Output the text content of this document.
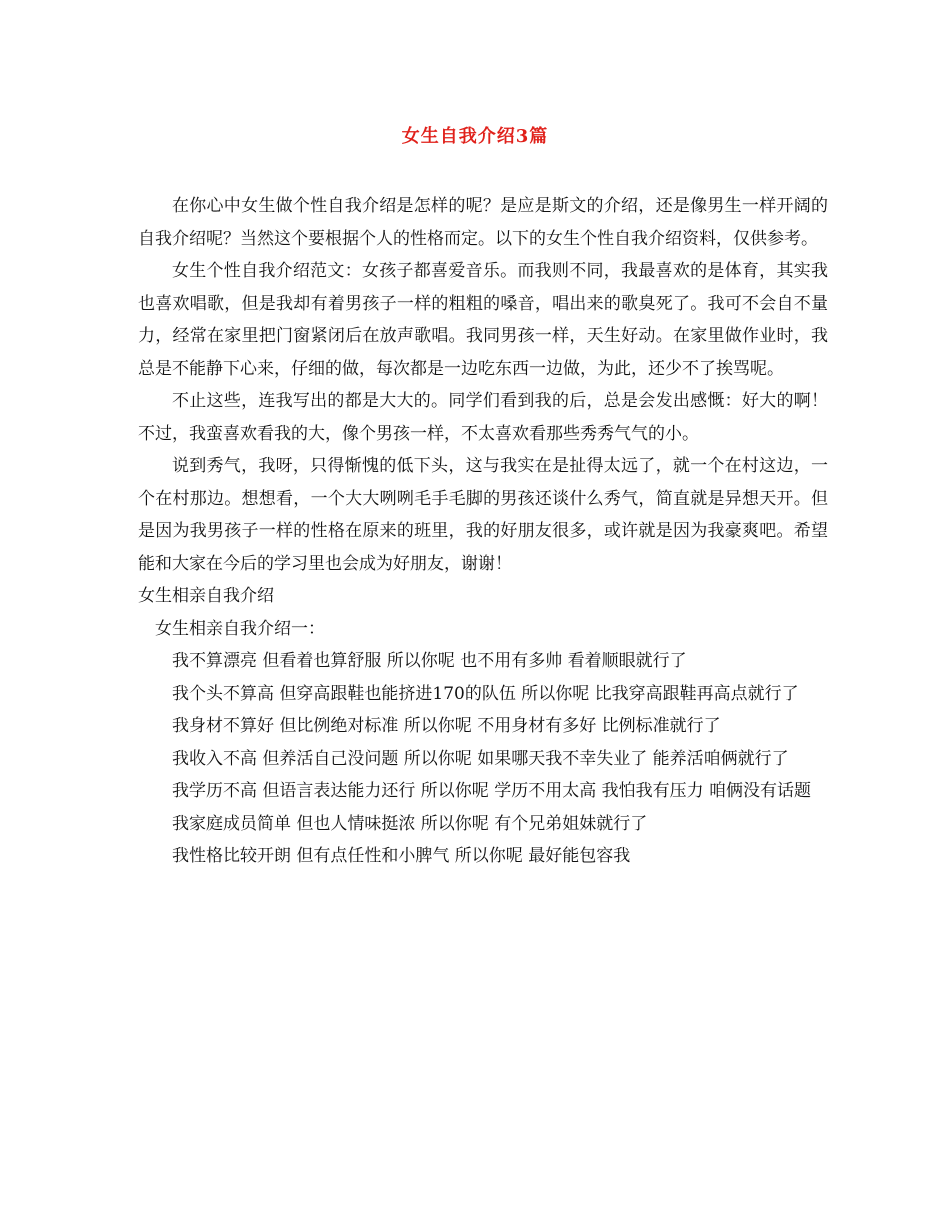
女生自我介绍3篇

在你心中女生做个性自我介绍是怎样的呢？是应是斯文的介绍，还是像男生一样开阔的自我介绍呢？当然这个要根据个人的性格而定。以下的女生个性自我介绍资料，仅供参考。

女生个性自我介绍范文：女孩子都喜爱音乐。而我则不同，我最喜欢的是体育，其实我也喜欢唱歌，但是我却有着男孩子一样的粗粗的嗓音，唱出来的歌臭死了。我可不会自不量力，经常在家里把门窗紧闭后在放声歌唱。我同男孩一样，天生好动。在家里做作业时，我总是不能静下心来，仔细的做，每次都是一边吃东西一边做，为此，还少不了挨骂呢。

不止这些，连我写出的都是大大的。同学们看到我的后，总是会发出感慨：好大的啊！不过，我蛮喜欢看我的大，像个男孩一样，不太喜欢看那些秀秀气气的小。

说到秀气，我呀，只得惭愧的低下头，这与我实在是扯得太远了，就一个在村这边，一个在村那边。想想看，一个大大咧咧毛手毛脚的男孩还谈什么秀气，简直就是异想天开。但是因为我男孩子一样的性格在原来的班里，我的好朋友很多，或许就是因为我豪爽吧。希望能和大家在今后的学习里也会成为好朋友，谢谢！

女生相亲自我介绍

女生相亲自我介绍一：

我不算漂亮 但看着也算舒服 所以你呢 也不用有多帅 看着顺眼就行了

我个头不算高 但穿高跟鞋也能挤进170的队伍 所以你呢 比我穿高跟鞋再高点就行了

我身材不算好 但比例绝对标准 所以你呢 不用身材有多好 比例标准就行了

我收入不高 但养活自己没问题 所以你呢 如果哪天我不幸失业了 能养活咱俩就行了

我学历不高 但语言表达能力还行 所以你呢 学历不用太高 我怕我有压力 咱俩没有话题

我家庭成员简单 但也人情味挺浓 所以你呢 有个兄弟姐妹就行了

我性格比较开朗 但有点任性和小脾气 所以你呢 最好能包容我
